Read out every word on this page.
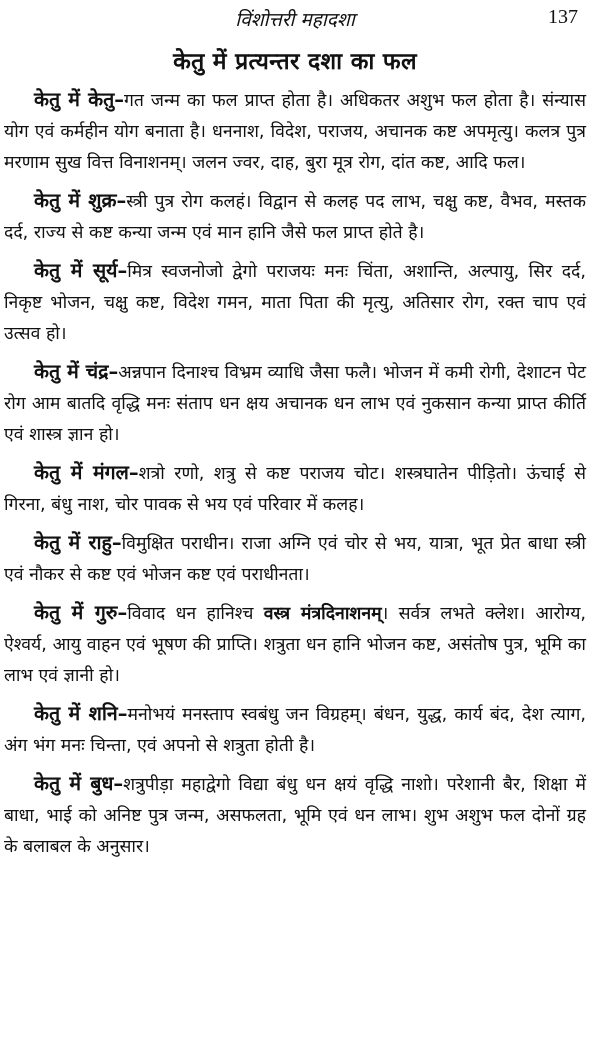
विंशोत्तरी महादशा	137
केतु में प्रत्यन्तर दशा का फल

केतु में केतु–गत जन्म का फल प्राप्त होता है। अधिकतर अशुभ फल होता है। संन्यास योग एवं कर्महीन योग बनाता है। धननाश, विदेश, पराजय, अचानक कष्ट अपमृत्यु। कलत्र पुत्र मरणाम सुख वित्त विनाशनम्। जलन ज्वर, दाह, बुरा मूत्र रोग, दांत कष्ट, आदि फल।

केतु में शुक्र–स्त्री पुत्र रोग कलहं। विद्वान से कलह पद लाभ, चक्षु कष्ट, वैभव, मस्तक दर्द, राज्य से कष्ट कन्या जन्म एवं मान हानि जैसे फल प्राप्त होते है।

केतु में सूर्य–मित्र स्वजनोजो द्वेगो पराजयः मनः चिंता, अशान्ति, अल्पायु, सिर दर्द, निकृष्ट भोजन, चक्षु कष्ट, विदेश गमन, माता पिता की मृत्यु, अतिसार रोग, रक्त चाप एवं उत्सव हो।

केतु में चंद्र–अन्नपान दिनाश्च विभ्रम व्याधि जैसा फलै। भोजन में कमी रोगी, देशाटन पेट रोग आम बातदि वृद्धि मनः संताप धन क्षय अचानक धन लाभ एवं नुकसान कन्या प्राप्त कीर्ति एवं शास्त्र ज्ञान हो।

केतु में मंगल–शत्रो रणो, शत्रु से कष्ट पराजय चोट। शस्त्रघातेन पीड़ितो। ऊंचाई से गिरना, बंधु नाश, चोर पावक से भय एवं परिवार में कलह।

केतु में राहु–विमुक्षित पराधीन। राजा अग्नि एवं चोर से भय, यात्रा, भूत प्रेत बाधा स्त्री एवं नौकर से कष्ट एवं भोजन कष्ट एवं पराधीनता।

केतु में गुरु–विवाद धन हानिश्च वस्त्र मंत्रदिनाशनम्। सर्वत्र लभते क्लेश। आरोग्य, ऐश्वर्य, आयु वाहन एवं भूषण की प्राप्ति। शत्रुता धन हानि भोजन कष्ट, असंतोष पुत्र, भूमि का लाभ एवं ज्ञानी हो।

केतु में शनि–मनोभयं मनस्ताप स्वबंधु जन विग्रहम्। बंधन, युद्ध, कार्य बंद, देश त्याग, अंग भंग मनः चिन्ता, एवं अपनो से शत्रुता होती है।

केतु में बुध–शत्रुपीड़ा महाद्वेगो विद्या बंधु धन क्षयं वृद्धि नाशो। परेशानी बैर, शिक्षा में बाधा, भाई को अनिष्ट पुत्र जन्म, असफलता, भूमि एवं धन लाभ। शुभ अशुभ फल दोनों ग्रह के बलाबल के अनुसार।
